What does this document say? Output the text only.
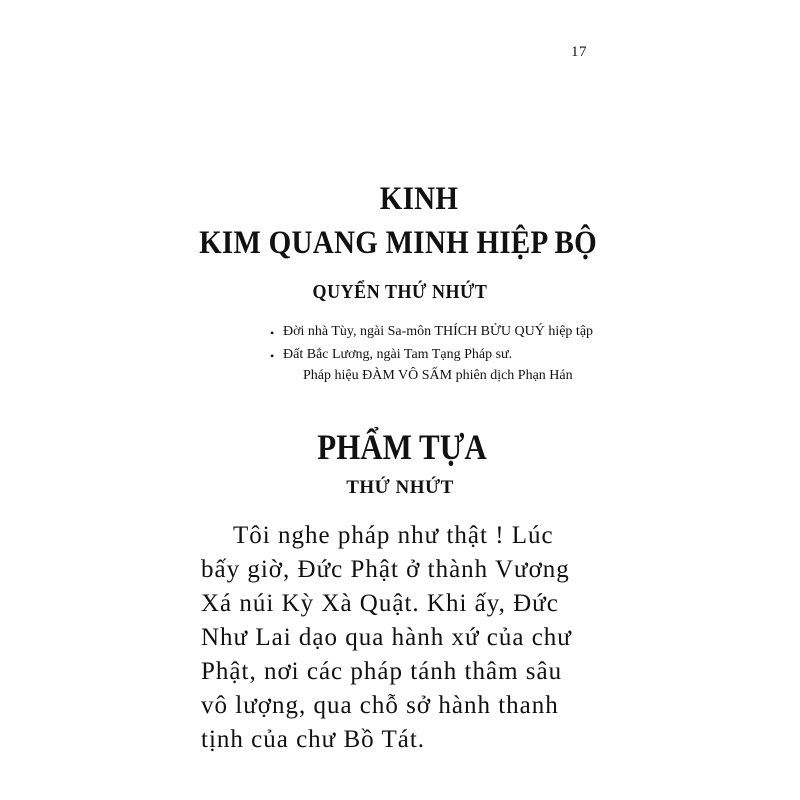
17
KINH
KIM QUANG MINH HIỆP BỘ
QUYỂN THỨ NHỨT
• Đời nhà Tùy, ngài Sa-môn THÍCH BỬU QUÝ hiệp tập
• Đất Bắc Lương, ngài Tam Tạng Pháp sư.
Pháp hiệu ĐÀM VÔ SẤM phiên dịch Phạn Hán
PHẨM TỰA
THỨ NHỨT
Tôi nghe pháp như thật ! Lúc
bấy giờ, Đức Phật ở thành Vương
Xá núi Kỳ Xà Quật. Khi ấy, Đức
Như Lai dạo qua hành xứ của chư
Phật, nơi các pháp tánh thâm sâu
vô lượng, qua chỗ sở hành thanh
tịnh của chư Bồ Tát.
